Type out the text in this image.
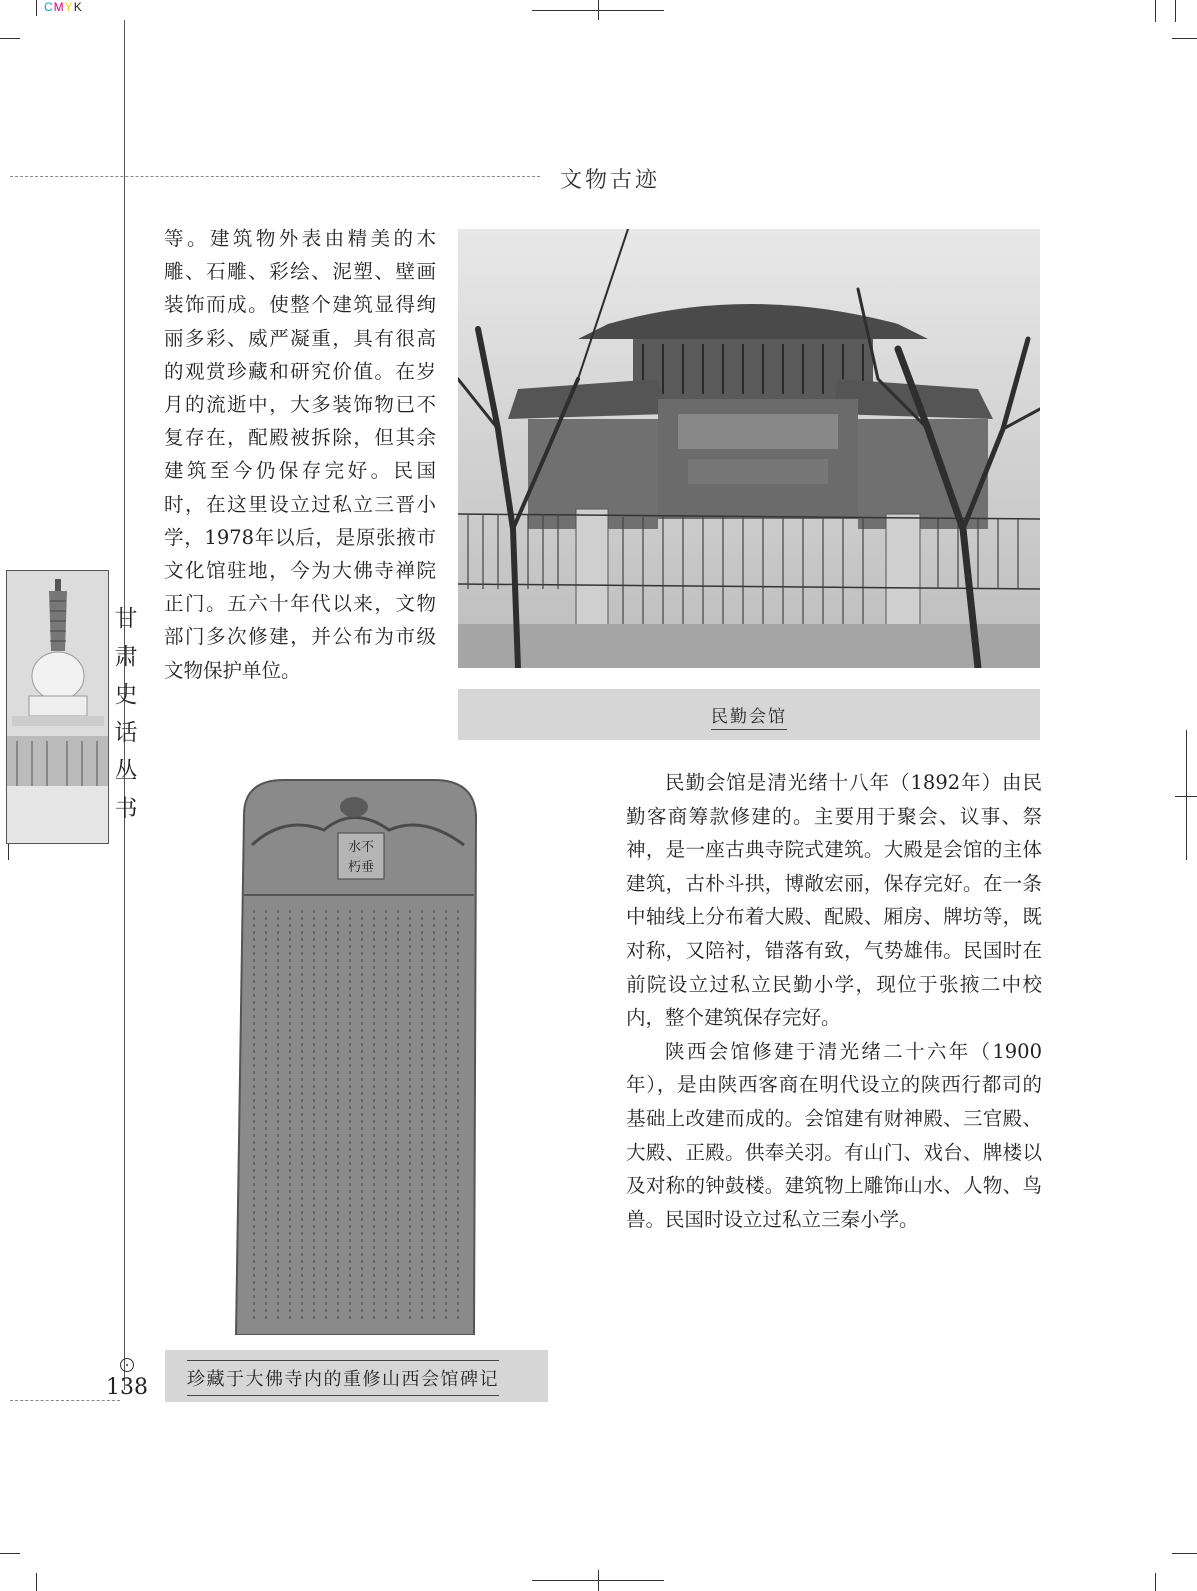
CMYK
文物古迹
等。建筑物外表由精美的木雕、石雕、彩绘、泥塑、壁画装饰而成。使整个建筑显得绚丽多彩、威严凝重，具有很高的观赏珍藏和研究价值。在岁月的流逝中，大多装饰物已不复存在，配殿被拆除，但其余建筑至今仍保存完好。民国时，在这里设立过私立三晋小学，1978年以后，是原张掖市文化馆驻地，今为大佛寺禅院正门。五六十年代以来，文物部门多次修建，并公布为市级文物保护单位。
民勤会馆

民勤会馆是清光绪十八年（1892年）由民勤客商筹款修建的。主要用于聚会、议事、祭神，是一座古典寺院式建筑。大殿是会馆的主体建筑，古朴斗拱，博敞宏丽，保存完好。在一条中轴线上分布着大殿、配殿、厢房、牌坊等，既对称，又陪衬，错落有致，气势雄伟。民国时在前院设立过私立民勤小学，现位于张掖二中校内，整个建筑保存完好。

陕西会馆修建于清光绪二十六年（1900年），是由陕西客商在明代设立的陕西行都司的基础上改建而成的。会馆建有财神殿、三官殿、大殿、正殿。供奉关羽。有山门、戏台、牌楼以及对称的钟鼓楼。建筑物上雕饰山水、人物、鸟兽。民国时设立过私立三秦小学。

水不
朽垂
珍藏于大佛寺内的重修山西会馆碑记
甘
肃
史
话
丛
书
138
